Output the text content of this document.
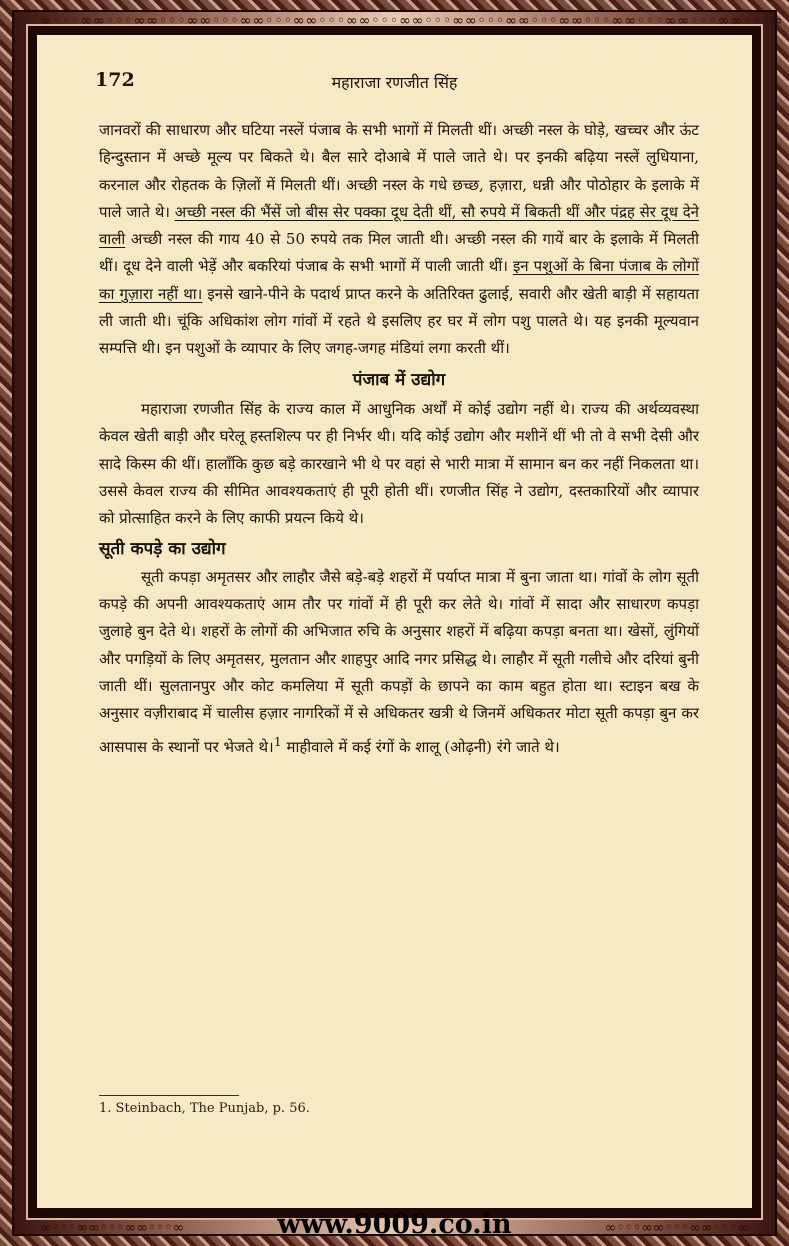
∞◦◦◦∞∞◦◦◦∞∞◦◦◦∞∞◦◦◦∞∞◦◦◦∞∞◦◦◦∞∞◦◦◦∞∞◦◦◦∞∞◦◦◦∞∞◦◦◦∞∞◦◦◦∞∞◦◦◦∞∞◦◦◦∞∞◦◦◦∞
172	महाराजा रणजीत सिंह

जानवरों की साधारण और घटिया नस्लें पंजाब के सभी भागों में मिलती थीं। अच्छी नस्ल के घोड़े, खच्चर और ऊंट हिन्दुस्तान में अच्छे मूल्य पर बिकते थे। बैल सारे दोआबे में पाले जाते थे। पर इनकी बढ़िया नस्लें लुधियाना, करनाल और रोहतक के ज़िलों में मिलती थीं। अच्छी नस्ल के गधे छच्छ, हज़ारा, धन्नी और पोठोहार के इलाके में पाले जाते थे। अच्छी नस्ल की भैंसें जो बीस सेर पक्का दूध देती थीं, सौ रुपये में बिकती थीं और पंद्रह सेर दूध देने वाली अच्छी नस्ल की गाय 40 से 50 रुपये तक मिल जाती थी। अच्छी नस्ल की गायें बार के इलाके में मिलती थीं। दूध देने वाली भेड़ें और बकरियां पंजाब के सभी भागों में पाली जाती थीं। इन पशुओं के बिना पंजाब के लोगों का गुज़ारा नहीं था। इनसे खाने-पीने के पदार्थ प्राप्त करने के अतिरिक्त ढुलाई, सवारी और खेती बाड़ी में सहायता ली जाती थी। चूंकि अधिकांश लोग गांवों में रहते थे इसलिए हर घर में लोग पशु पालते थे। यह इनकी मूल्यवान सम्पत्ति थी। इन पशुओं के व्यापार के लिए जगह-जगह मंडियां लगा करती थीं।

पंजाब में उद्योग

महाराजा रणजीत सिंह के राज्य काल में आधुनिक अर्थों में कोई उद्योग नहीं थे। राज्य की अर्थव्यवस्था केवल खेती बाड़ी और घरेलू हस्तशिल्प पर ही निर्भर थी। यदि कोई उद्योग और मशीनें थीं भी तो वे सभी देसी और सादे किस्म की थीं। हालाँकि कुछ बड़े कारखाने भी थे पर वहां से भारी मात्रा में सामान बन कर नहीं निकलता था। उससे केवल राज्य की सीमित आवश्यकताएं ही पूरी होती थीं। रणजीत सिंह ने उद्योग, दस्तकारियों और व्यापार को प्रोत्साहित करने के लिए काफी प्रयत्न किये थे।

सूती कपड़े का उद्योग

सूती कपड़ा अमृतसर और लाहौर जैसे बड़े-बड़े शहरों में पर्याप्त मात्रा में बुना जाता था। गांवों के लोग सूती कपड़े की अपनी आवश्यकताएं आम तौर पर गांवों में ही पूरी कर लेते थे। गांवों में सादा और साधारण कपड़ा जुलाहे बुन देते थे। शहरों के लोगों की अभिजात रुचि के अनुसार शहरों में बढ़िया कपड़ा बनता था। खेसों, लुंगियों और पगड़ियों के लिए अमृतसर, मुलतान और शाहपुर आदि नगर प्रसिद्ध थे। लाहौर में सूती गलीचे और दरियां बुनी जाती थीं। सुलतानपुर और कोट कमलिया में सूती कपड़ों के छापने का काम बहुत होता था। स्टाइन बख के अनुसार वज़ीराबाद में चालीस हज़ार नागरिकों में से अधिकतर खत्री थे जिनमें अधिकतर मोटा सूती कपड़ा बुन कर आसपास के स्थानों पर भेजते थे।$^1$ माहीवाले में कई रंगों के शालू (ओढ़नी) रंगे जाते थे।

1. Steinbach, The Punjab, p. 56.
∞◦◦◦∞∞◦◦◦∞∞◦◦◦∞	∞◦◦◦∞∞◦◦◦∞∞◦◦◦∞
www.9009.co.in
